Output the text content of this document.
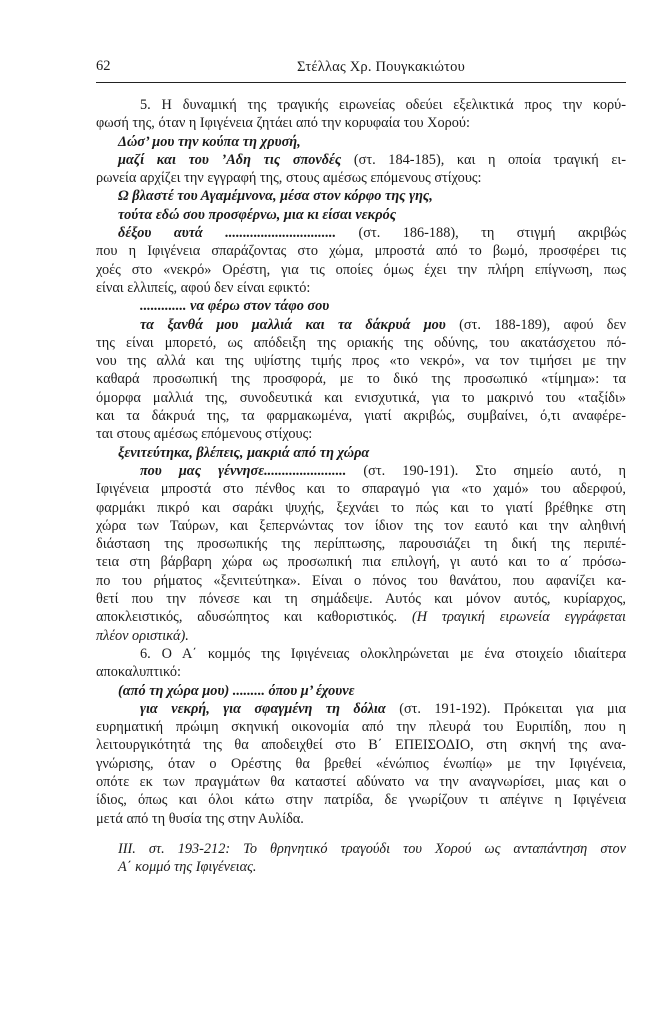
62	Στέλλας Χρ. Πουγκακιώτου

5. Η δυναμική της τραγικής ειρωνείας οδεύει εξελικτικά προς την κορύ-
φωσή της, όταν η Ιφιγένεια ζητάει από την κορυφαία του Χορού:
Δώσ’ μου την κούπα τη χρυσή,
μαζί και του ’Αδη τις σπονδές (στ. 184-185), και η οποία τραγική ει-
ρωνεία αρχίζει την εγγραφή της, στους αμέσως επόμενους στίχους:
Ω βλαστέ του Αγαμέμνονα, μέσα στον κόρφο της γης,
τούτα εδώ σου προσφέρνω, μια κι είσαι νεκρός
δέξου αυτά ............................... (στ. 186-188), τη στιγμή ακριβώς
που η Ιφιγένεια σπαράζοντας στο χώμα, μπροστά από το βωμό, προσφέρει τις
χοές στο «νεκρό» Ορέστη, για τις οποίες όμως έχει την πλήρη επίγνωση, πως
είναι ελλιπείς, αφού δεν είναι εφικτό:
............. να φέρω στον τάφο σου
τα ξανθά μου μαλλιά και τα δάκρυά μου (στ. 188-189), αφού δεν
της είναι μπορετό, ως απόδειξη της οριακής της οδύνης, του ακατάσχετου πό-
νου της αλλά και της υψίστης τιμής προς «το νεκρό», να τον τιμήσει με την
καθαρά προσωπική της προσφορά, με το δικό της προσωπικό «τίμημα»: τα
όμορφα μαλλιά της, συνοδευτικά και ενισχυτικά, για το μακρινό του «ταξίδι»
και τα δάκρυά της, τα φαρμακωμένα, γιατί ακριβώς, συμβαίνει, ό,τι αναφέρε-
ται στους αμέσως επόμενους στίχους:
ξενιτεύτηκα, βλέπεις, μακριά από τη χώρα
που μας γέννησε....................... (στ. 190-191). Στο σημείο αυτό, η
Ιφιγένεια μπροστά στο πένθος και το σπαραγμό για «το χαμό» του αδερφού,
φαρμάκι πικρό και σαράκι ψυχής, ξεχνάει το πώς και το γιατί βρέθηκε στη
χώρα των Ταύρων, και ξεπερνώντας τον ίδιον της τον εαυτό και την αληθινή
διάσταση της προσωπικής της περίπτωσης, παρουσιάζει τη δική της περιπέ-
τεια στη βάρβαρη χώρα ως προσωπική πια επιλογή, γι αυτό και το α΄ πρόσω-
πο του ρήματος «ξενιτεύτηκα». Είναι ο πόνος του θανάτου, που αφανίζει κα-
θετί που την πόνεσε και τη σημάδεψε. Αυτός και μόνον αυτός, κυρίαρχος,
αποκλειστικός, αδυσώπητος και καθοριστικός. (Η τραγική ειρωνεία εγγράφεται
πλέον οριστικά).

6. Ο Α΄ κομμός της Ιφιγένειας ολοκληρώνεται με ένα στοιχείο ιδιαίτερα
αποκαλυπτικό:
(από τη χώρα μου) ......... όπου μ’ έχουνε
για νεκρή, για σφαγμένη τη δόλια (στ. 191-192). Πρόκειται για μια
ευρηματική πρώιμη σκηνική οικονομία από την πλευρά του Ευριπίδη, που η
λειτουργικότητά της θα αποδειχθεί στο Β΄ ΕΠΕΙΣΟΔΙΟ, στη σκηνή της ανα-
γνώρισης, όταν ο Ορέστης θα βρεθεί «ένώπιος ένωπίῳ» με την Ιφιγένεια,
οπότε εκ των πραγμάτων θα καταστεί αδύνατο να την αναγνωρίσει, μιας και ο
ίδιος, όπως και όλοι κάτω στην πατρίδα, δε γνωρίζουν τι απέγινε η Ιφιγένεια
μετά από τη θυσία της στην Αυλίδα.

ΙΙΙ. στ. 193-212: Το θρηνητικό τραγούδι του Χορού ως ανταπάντηση στον
Α΄ κομμό της Ιφιγένειας.
